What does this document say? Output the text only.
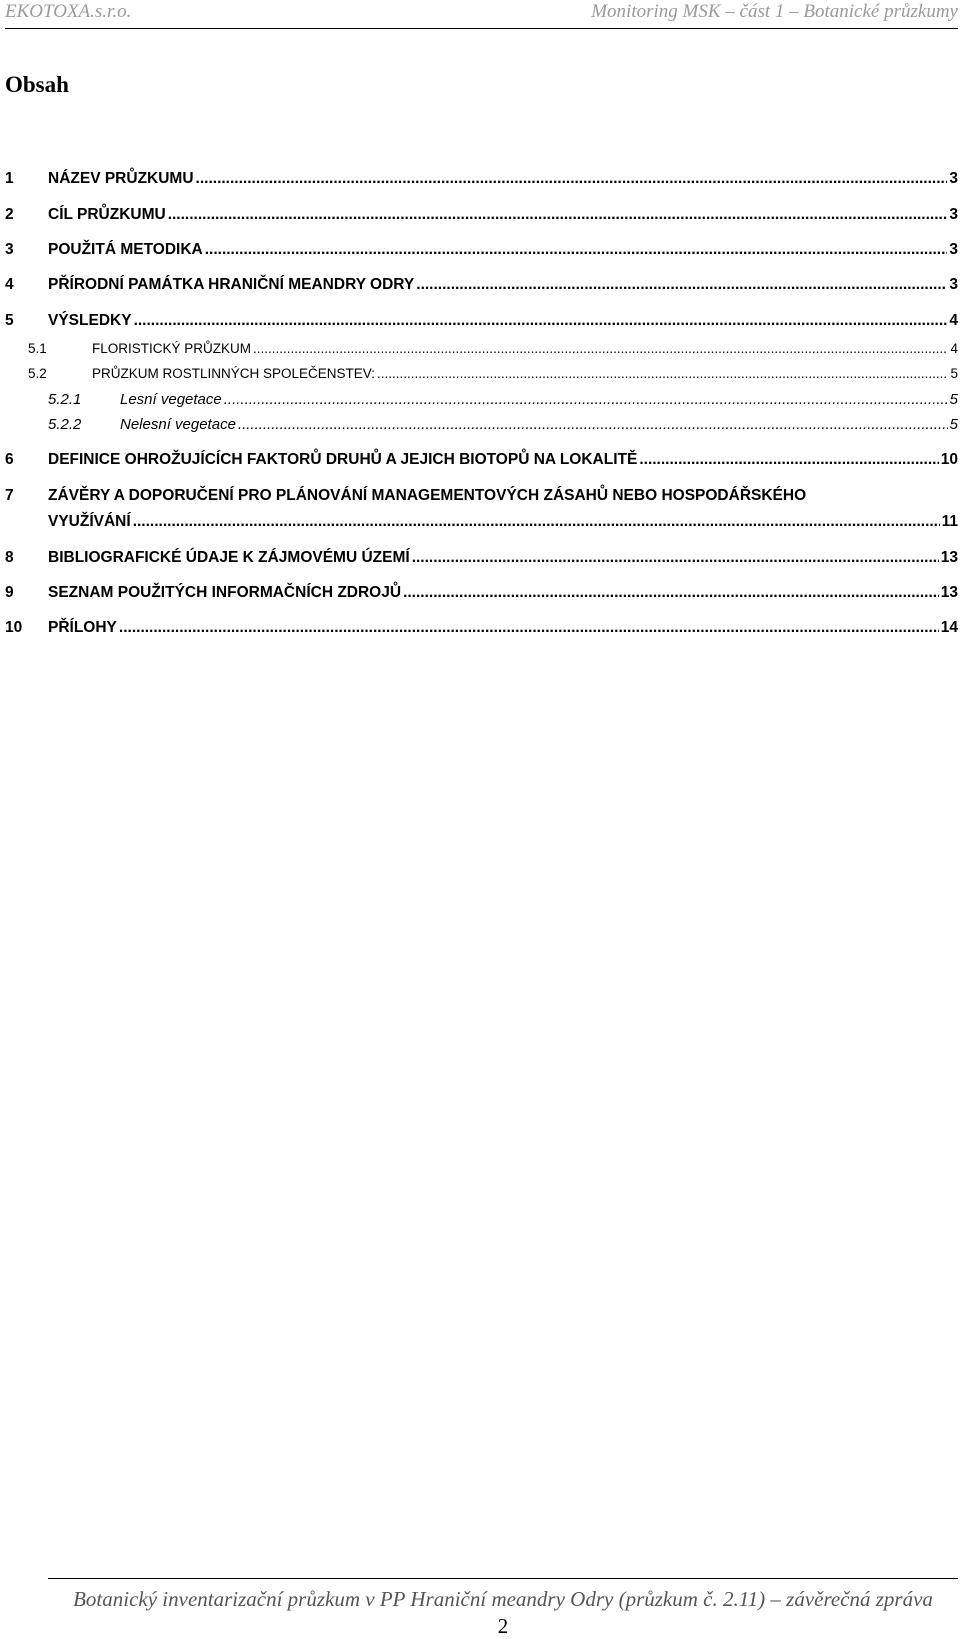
EKOTOXA.s.r.o.	Monitoring MSK – část 1 – Botanické průzkumy
Obsah
1 NÁZEV PRŮZKUMU .....	3
2 CÍL PRŮZKUMU .....	3
3 POUŽITÁ METODIKA .....	3
4 PŘÍRODNÍ PAMÁTKA HRANIČNÍ MEANDRY ODRY .....	3
5 VÝSLEDKY .....	4
5.1	FLORISTICKÝ PRŮZKUM .....	4
5.2	PRŮZKUM ROSTLINNÝCH SPOLEČENSTEV: .....	5
5.2.1	Lesní vegetace .....	5
5.2.2	Nelesní vegetace .....	5
6 DEFINICE OHROŽUJÍCÍCH FAKTORŮ DRUHŮ A JEJICH BIOTOPŮ NA LOKALITĚ .....	10
7 ZÁVĚRY A DOPORUČENÍ PRO PLÁNOVÁNÍ MANAGEMENTOVÝCH ZÁSAHŮ NEBO HOSPODÁŘSKÉHO
VYUŽÍVÁNÍ .....	11
8 BIBLIOGRAFICKÉ ÚDAJE K ZÁJMOVÉMU ÚZEMÍ .....	13
9 SEZNAM POUŽITÝCH INFORMAČNÍCH ZDROJŮ .....	13
10 PŘÍLOHY .....	14
Botanický inventarizační průzkum v PP Hraniční meandry Odry (průzkum č. 2.11) – závěrečná zpráva
2
